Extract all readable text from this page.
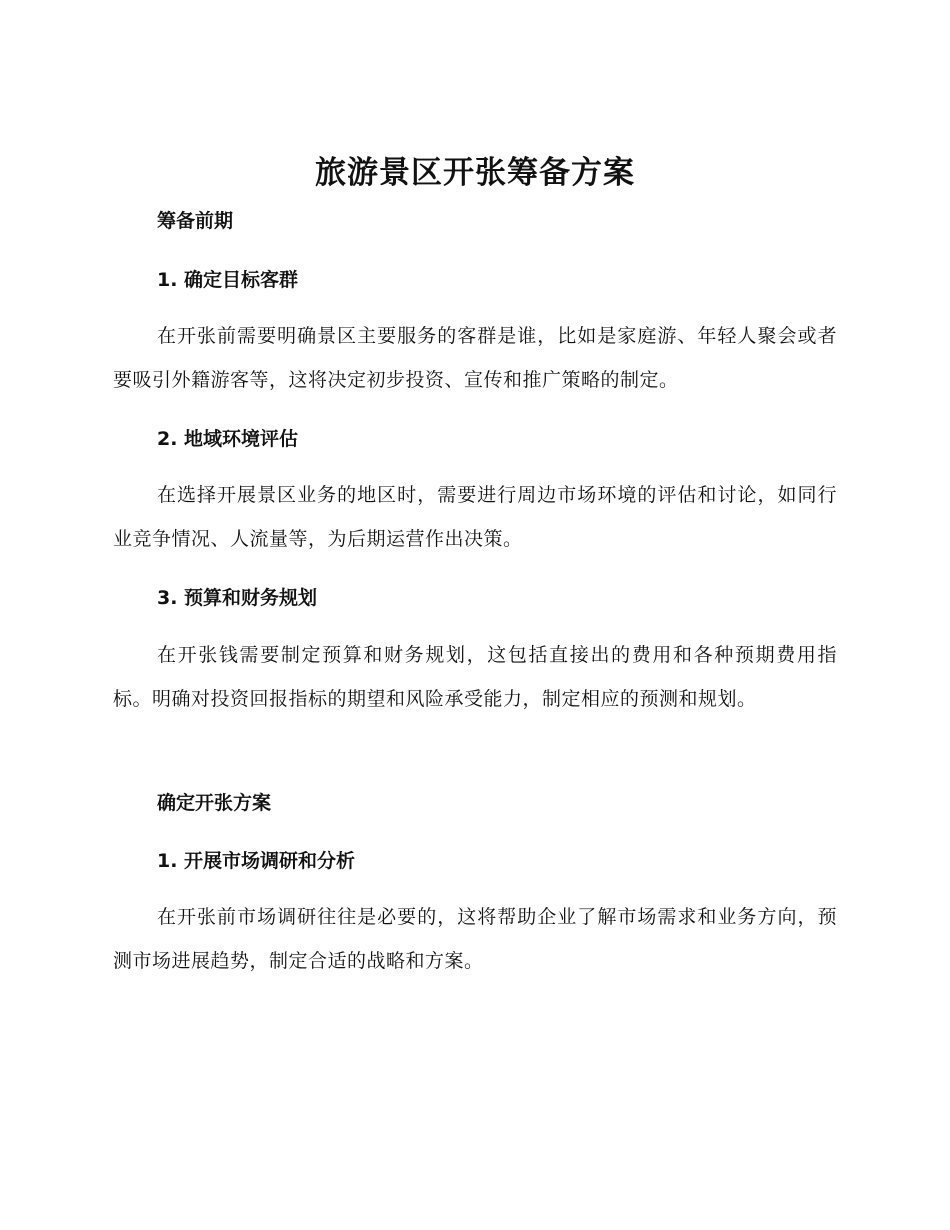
旅游景区开张筹备方案
筹备前期
1. 确定目标客群

在开张前需要明确景区主要服务的客群是谁，比如是家庭游、年轻人聚会或者要吸引外籍游客等，这将决定初步投资、宣传和推广策略的制定。

2. 地域环境评估

在选择开展景区业务的地区时，需要进行周边市场环境的评估和讨论，如同行业竞争情况、人流量等，为后期运营作出决策。

3. 预算和财务规划

在开张钱需要制定预算和财务规划，这包括直接出的费用和各种预期费用指标。明确对投资回报指标的期望和风险承受能力，制定相应的预测和规划。

确定开张方案
1. 开展市场调研和分析

在开张前市场调研往往是必要的，这将帮助企业了解市场需求和业务方向，预测市场进展趋势，制定合适的战略和方案。
